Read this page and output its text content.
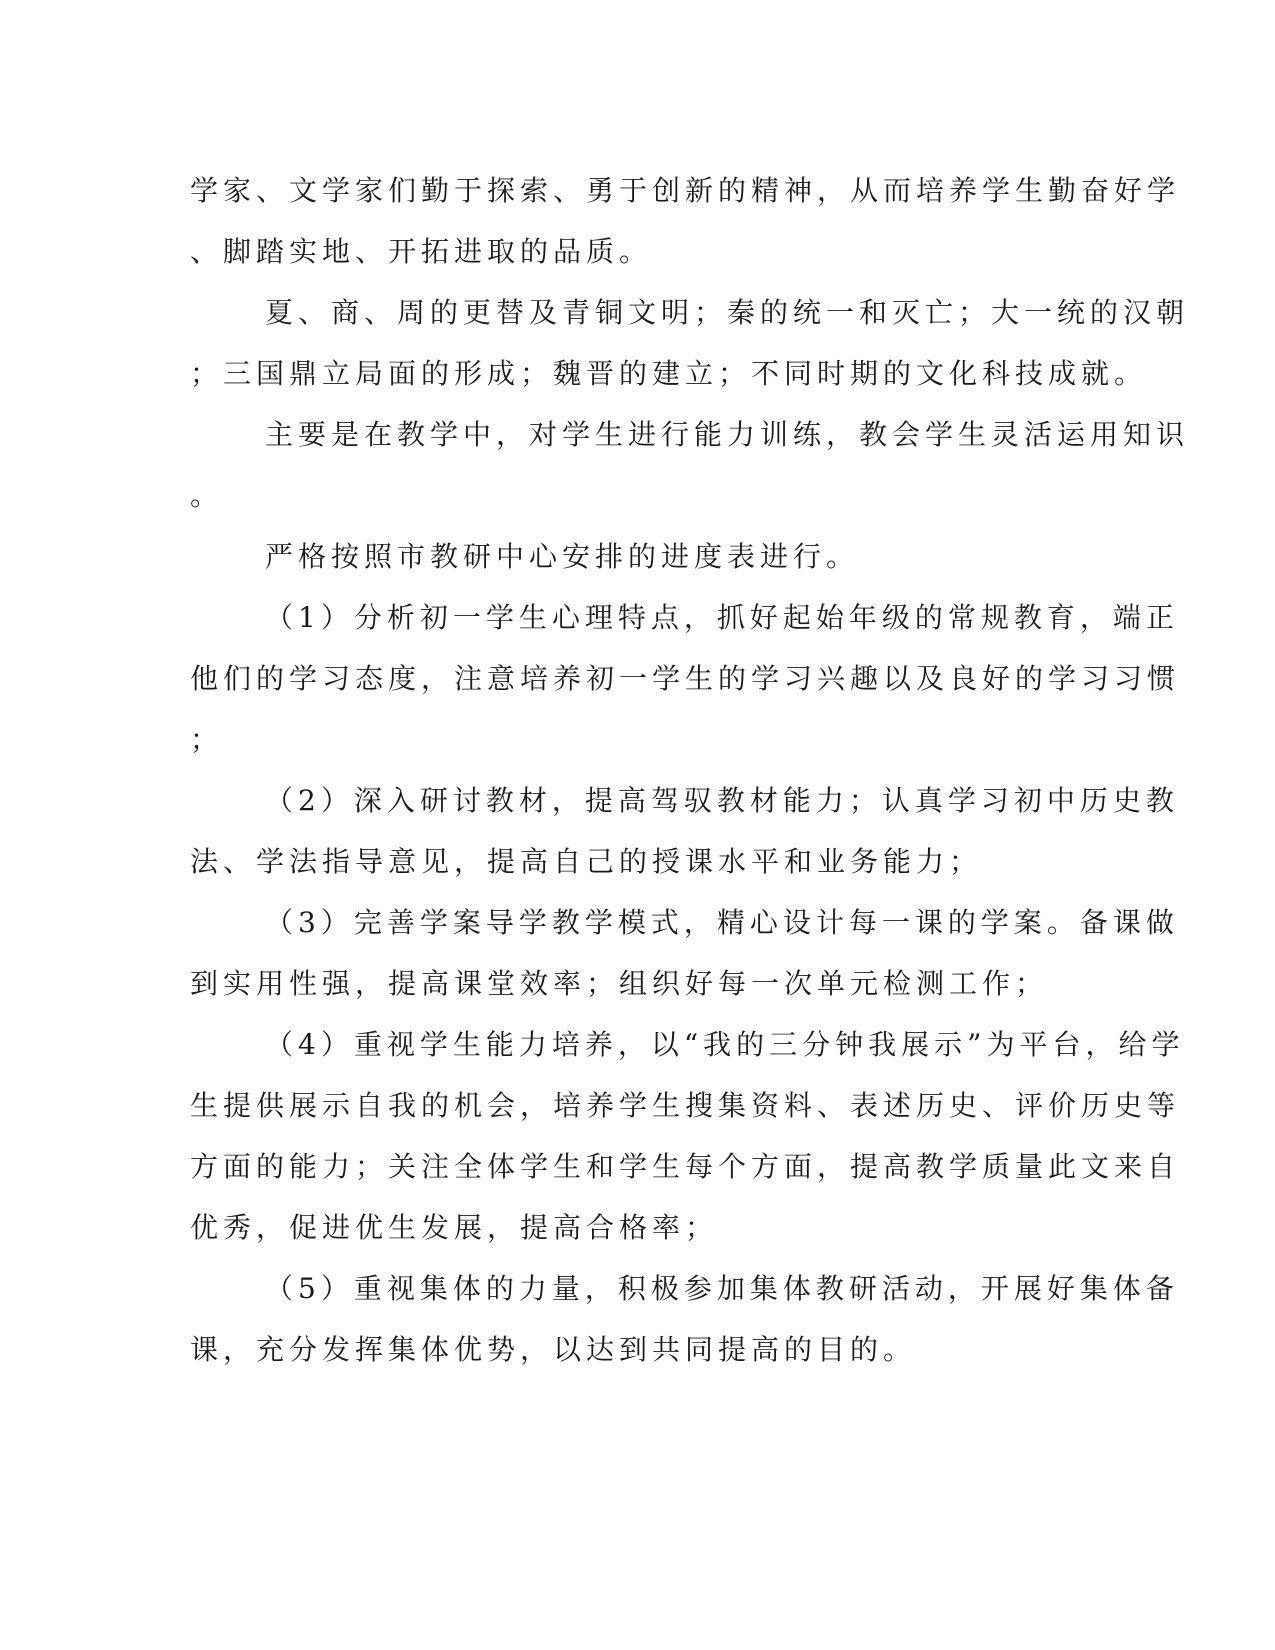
学家、文学家们勤于探索、勇于创新的精神，从而培养学生勤奋好学
、脚踏实地、开拓进取的品质。
夏、商、周的更替及青铜文明；秦的统一和灭亡；大一统的汉朝
；三国鼎立局面的形成；魏晋的建立；不同时期的文化科技成就。
主要是在教学中，对学生进行能力训练，教会学生灵活运用知识
。
严格按照市教研中心安排的进度表进行。
（1）分析初一学生心理特点，抓好起始年级的常规教育，端正
他们的学习态度，注意培养初一学生的学习兴趣以及良好的学习习惯
；
（2）深入研讨教材，提高驾驭教材能力；认真学习初中历史教
法、学法指导意见，提高自己的授课水平和业务能力；
（3）完善学案导学教学模式，精心设计每一课的学案。备课做
到实用性强，提高课堂效率；组织好每一次单元检测工作；
（4）重视学生能力培养，以“我的三分钟我展示”为平台，给学
生提供展示自我的机会，培养学生搜集资料、表述历史、评价历史等
方面的能力；关注全体学生和学生每个方面，提高教学质量此文来自
优秀，促进优生发展，提高合格率；
（5）重视集体的力量，积极参加集体教研活动，开展好集体备
课，充分发挥集体优势，以达到共同提高的目的。
